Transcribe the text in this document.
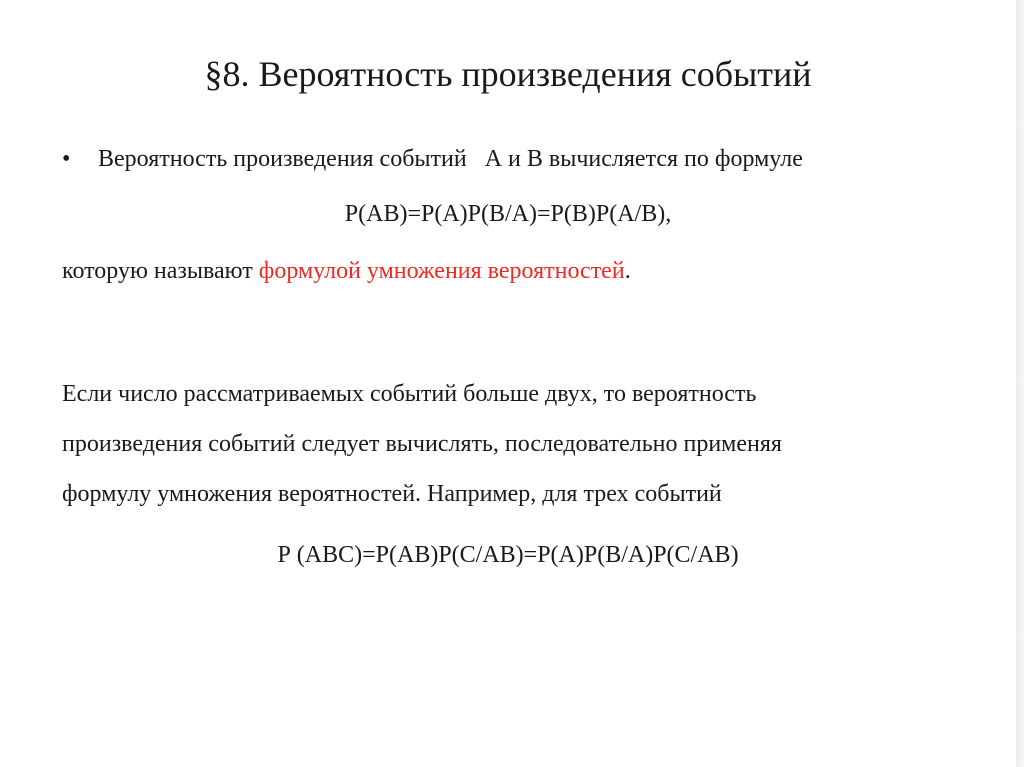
§8. Вероятность произведения событий
• Вероятность произведения событий   А и В вычисляется по формуле
Р(АВ)=Р(А)Р(В/А)=Р(В)Р(А/В),
которую называют формулой умножения вероятностей.
Если число рассматриваемых событий больше двух, то вероятность
произведения событий следует вычислять, последовательно применяя
формулу умножения вероятностей. Например, для трех событий
Р (АВС)=Р(АВ)Р(С/АВ)=Р(А)Р(В/А)Р(С/АВ)
